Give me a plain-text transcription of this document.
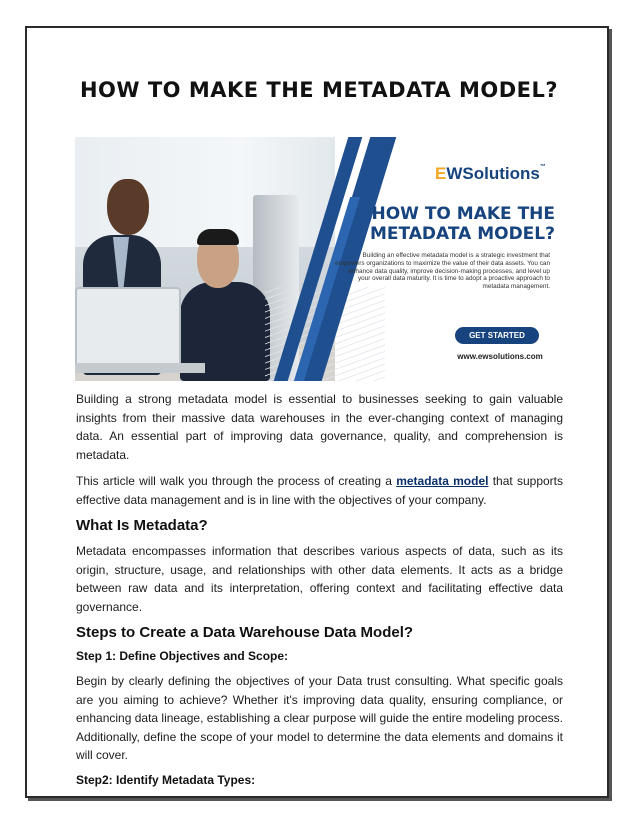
HOW TO MAKE THE METADATA MODEL?
EWSolutions™
HOW TO MAKE THE
METADATA MODEL?
Building an effective metadata model is a strategic investment that empowers organizations to maximize the value of their data assets. You can enhance data quality, improve decision-making processes, and level up your overall data maturity. It is time to adopt a proactive approach to metadata management.
GET STARTED
www.ewsolutions.com

Building a strong metadata model is essential to businesses seeking to gain valuable insights from their massive data warehouses in the ever-changing context of managing data. An essential part of improving data governance, quality, and comprehension is metadata.

This article will walk you through the process of creating a metadata model that supports effective data management and is in line with the objectives of your company.

What Is Metadata?

Metadata encompasses information that describes various aspects of data, such as its origin, structure, usage, and relationships with other data elements. It acts as a bridge between raw data and its interpretation, offering context and facilitating effective data governance.

Steps to Create a Data Warehouse Data Model?
Step 1: Define Objectives and Scope:

Begin by clearly defining the objectives of your Data trust consulting. What specific goals are you aiming to achieve? Whether it's improving data quality, ensuring compliance, or enhancing data lineage, establishing a clear purpose will guide the entire modeling process. Additionally, define the scope of your model to determine the data elements and domains it will cover.

Step2: Identify Metadata Types:
